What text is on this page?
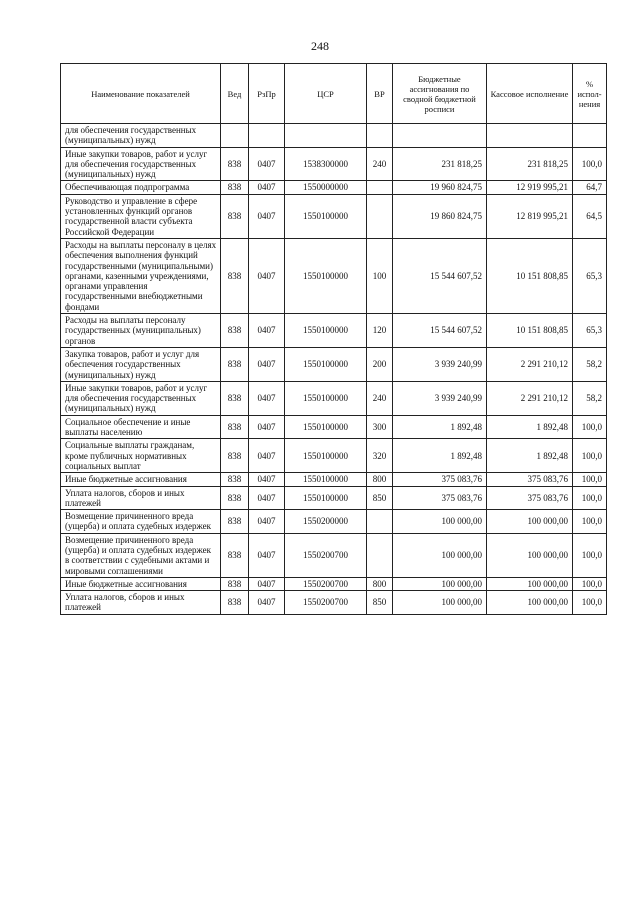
248
Наименование показателей	Вед	РзПр	ЦСР	ВР	Бюджетные ассигнования по сводной бюджетной росписи	Кассовое исполнение	% испол-нения
для обеспечения государственных (муниципальных) нужд							
Иные закупки товаров, работ и услуг для обеспечения государственных (муниципальных) нужд	838	0407	1538300000	240	231 818,25	231 818,25	100,0
Обеспечивающая подпрограмма	838	0407	1550000000		19 960 824,75	12 919 995,21	64,7
Руководство и управление в сфере установленных функций органов государственной власти субъекта Российской Федерации	838	0407	1550100000		19 860 824,75	12 819 995,21	64,5
Расходы на выплаты персоналу в целях обеспечения выполнения функций государственными (муниципальными) органами, казенными учреждениями, органами управления государственными внебюджетными фондами	838	0407	1550100000	100	15 544 607,52	10 151 808,85	65,3
Расходы на выплаты персоналу государственных (муниципальных) органов	838	0407	1550100000	120	15 544 607,52	10 151 808,85	65,3
Закупка товаров, работ и услуг для обеспечения государственных (муниципальных) нужд	838	0407	1550100000	200	3 939 240,99	2 291 210,12	58,2
Иные закупки товаров, работ и услуг для обеспечения государственных (муниципальных) нужд	838	0407	1550100000	240	3 939 240,99	2 291 210,12	58,2
Социальное обеспечение и иные выплаты населению	838	0407	1550100000	300	1 892,48	1 892,48	100,0
Социальные выплаты гражданам, кроме публичных нормативных социальных выплат	838	0407	1550100000	320	1 892,48	1 892,48	100,0
Иные бюджетные ассигнования	838	0407	1550100000	800	375 083,76	375 083,76	100,0
Уплата налогов, сборов и иных платежей	838	0407	1550100000	850	375 083,76	375 083,76	100,0
Возмещение причиненного вреда (ущерба) и оплата судебных издержек	838	0407	1550200000		100 000,00	100 000,00	100,0
Возмещение причиненного вреда (ущерба) и оплата судебных издержек в соответствии с судебными актами и мировыми соглашениями	838	0407	1550200700		100 000,00	100 000,00	100,0
Иные бюджетные ассигнования	838	0407	1550200700	800	100 000,00	100 000,00	100,0
Уплата налогов, сборов и иных платежей	838	0407	1550200700	850	100 000,00	100 000,00	100,0
